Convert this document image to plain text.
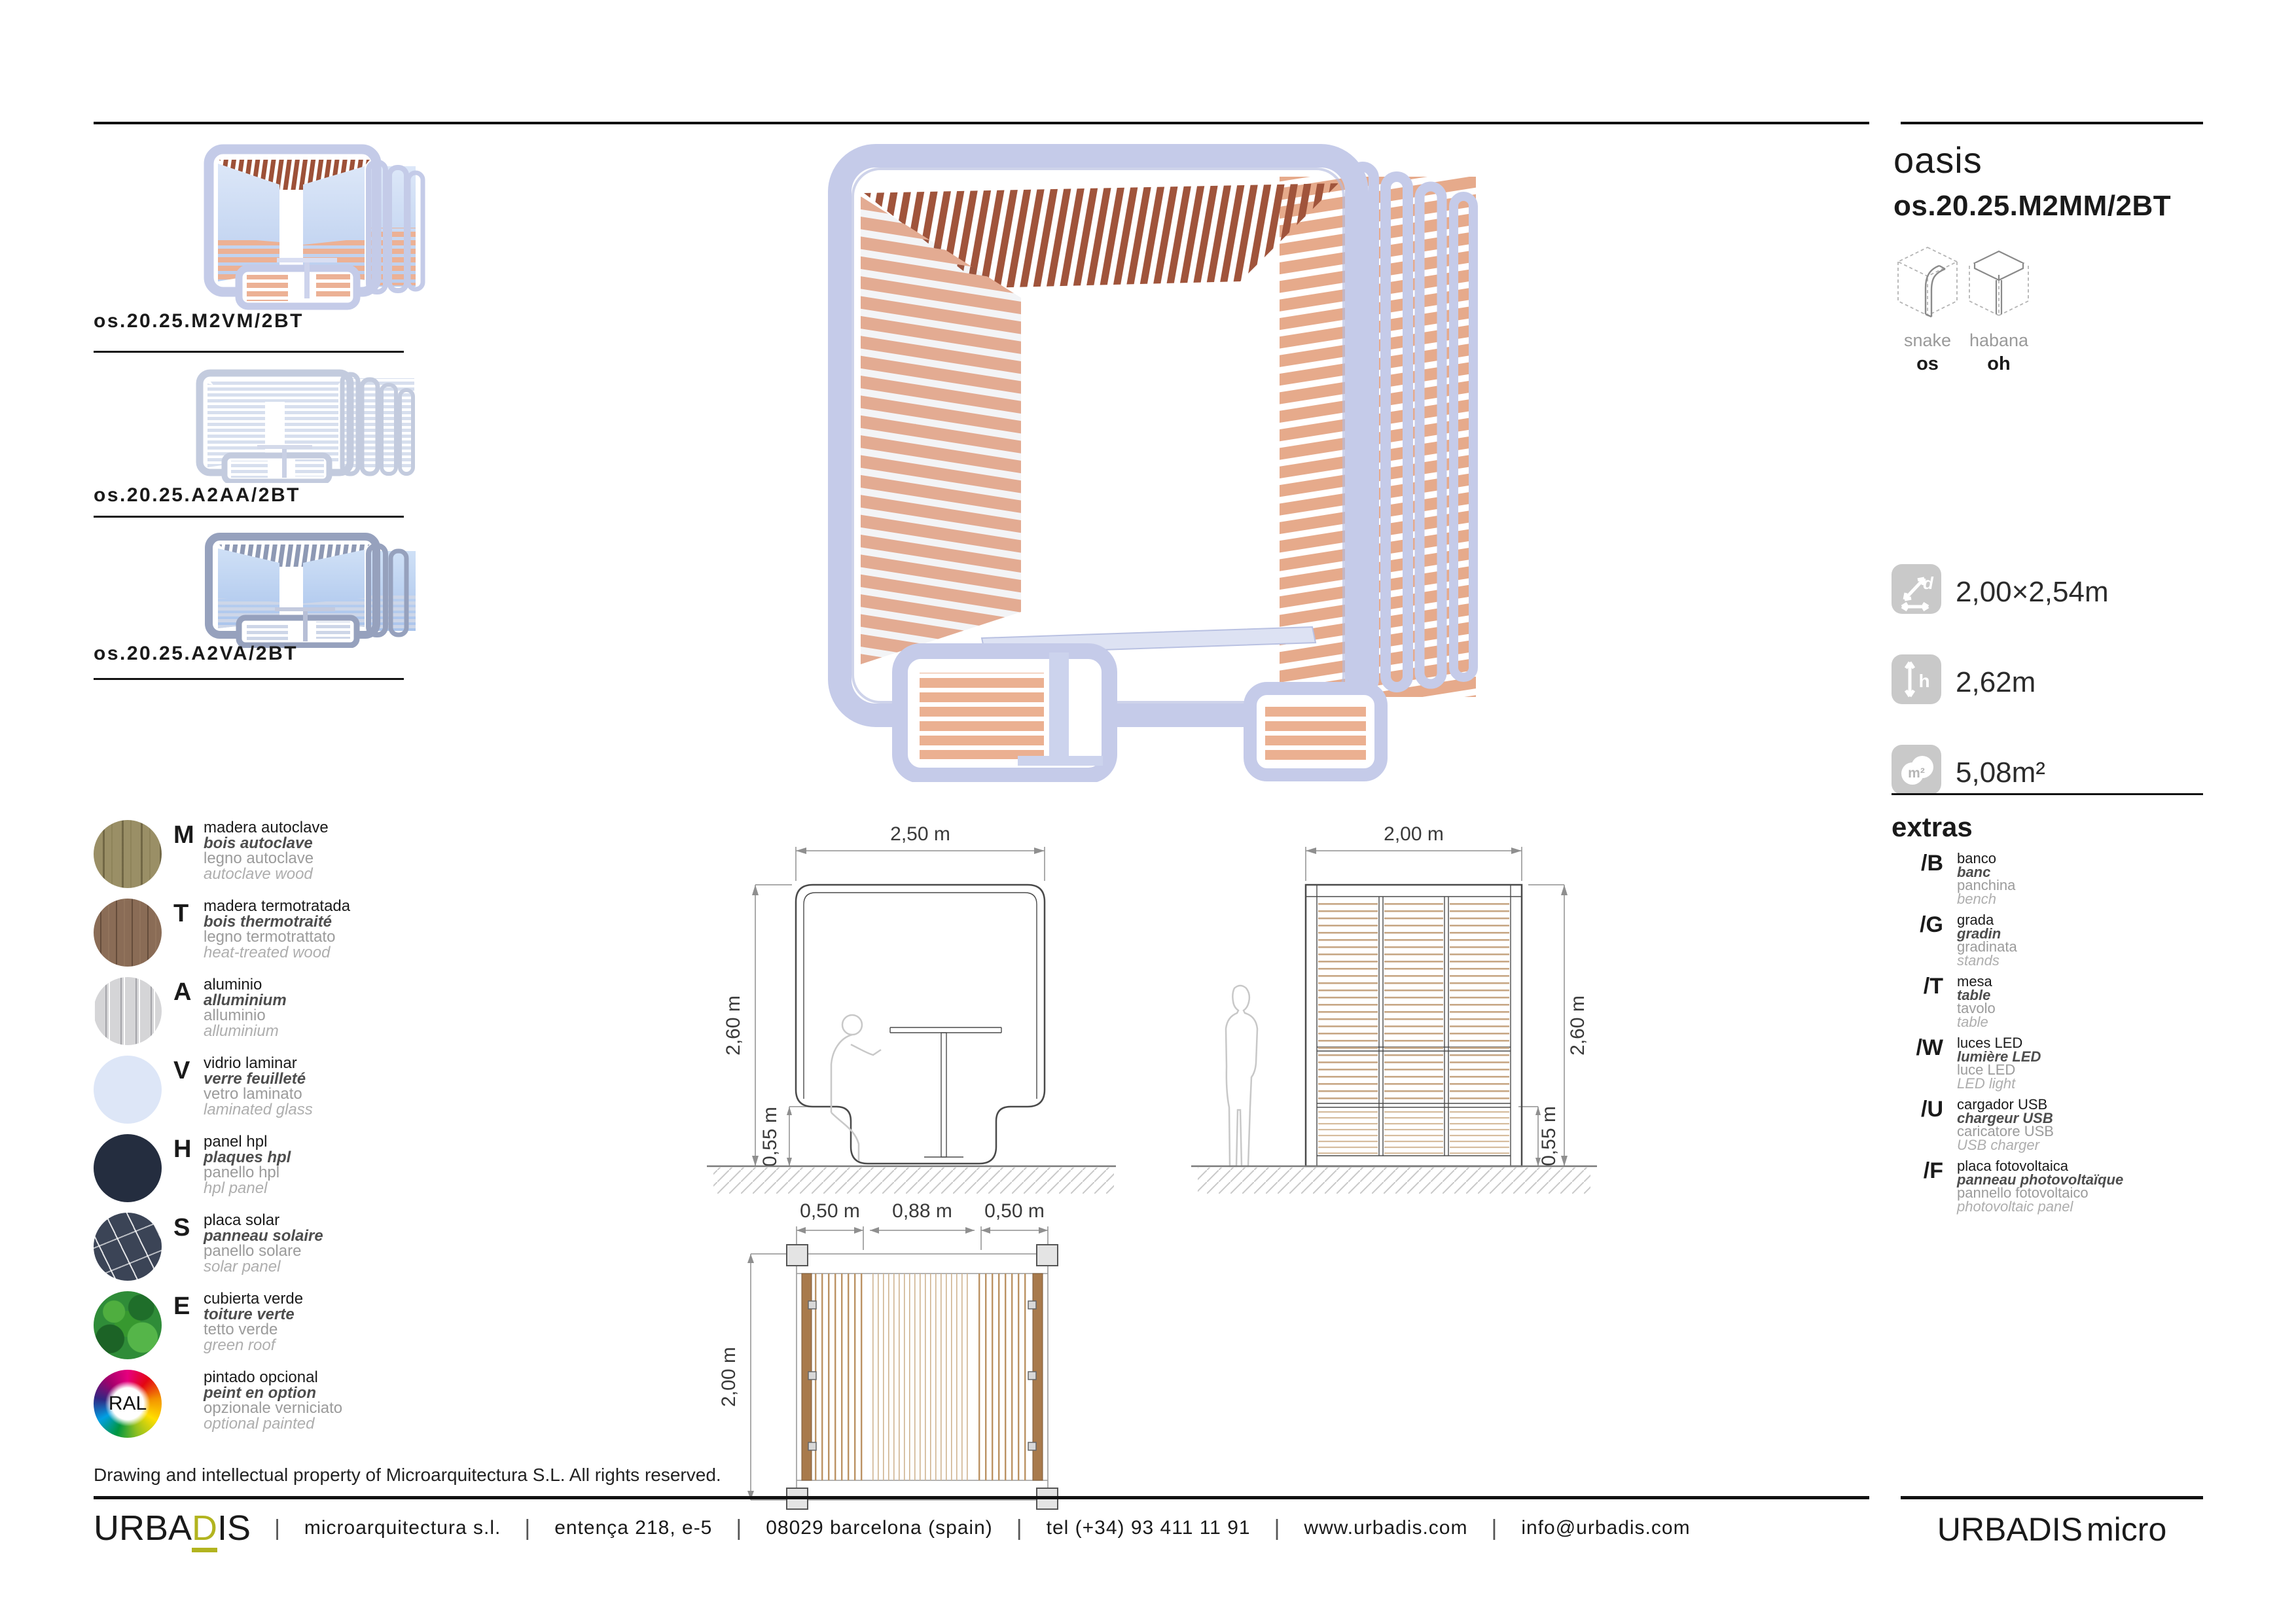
os.20.25.M2VM/2BT
os.20.25.A2AA/2BT
os.20.25.A2VA/2BT
oasis
os.20.25.M2MM/2BT
snake	habana
os	oh
d 2,00×2,54m
h 2,62m
m² 5,08m²
extras
/B banco
banc
panchina
bench
/G grada
gradin
gradinata
stands
/T mesa
table
tavolo
table
/W luces LED
lumière LED
luce LED
LED light
/U cargador USB
chargeur USB
caricatore USB
USB charger
/F placa fotovoltaica
panneau photovoltaïque
pannello fotovoltaico
photovoltaic panel
M madera autoclave
bois autoclave
legno autoclave
autoclave wood
T madera termotratada
bois thermotraité
legno termotrattato
heat-treated wood
A aluminio
alluminium
alluminio
alluminium
V vidrio laminar
verre feuilleté
vetro laminato
laminated glass
H panel hpl
plaques hpl
panello hpl
hpl panel
S placa solar
panneau solaire
panello solare
solar panel
E cubierta verde
toiture verte
tetto verde
green roof
RAL
pintado opcional
peint en option
opzionale verniciato
optional painted
2,50 m
2,60 m
0,55 m
2,00 m
2,60 m
0,55 m
0,50 m 0,88 m 0,50 m
2,00 m
Drawing and intellectual property of Microarquitectura S.L. All rights reserved.
URBADIS | microarquitectura s.l. | entença 218, e-5 | 08029 barcelona (spain) | tel (+34) 93 411 11 91 | www.urbadis.com | info@urbadis.com	URBADIS micro
